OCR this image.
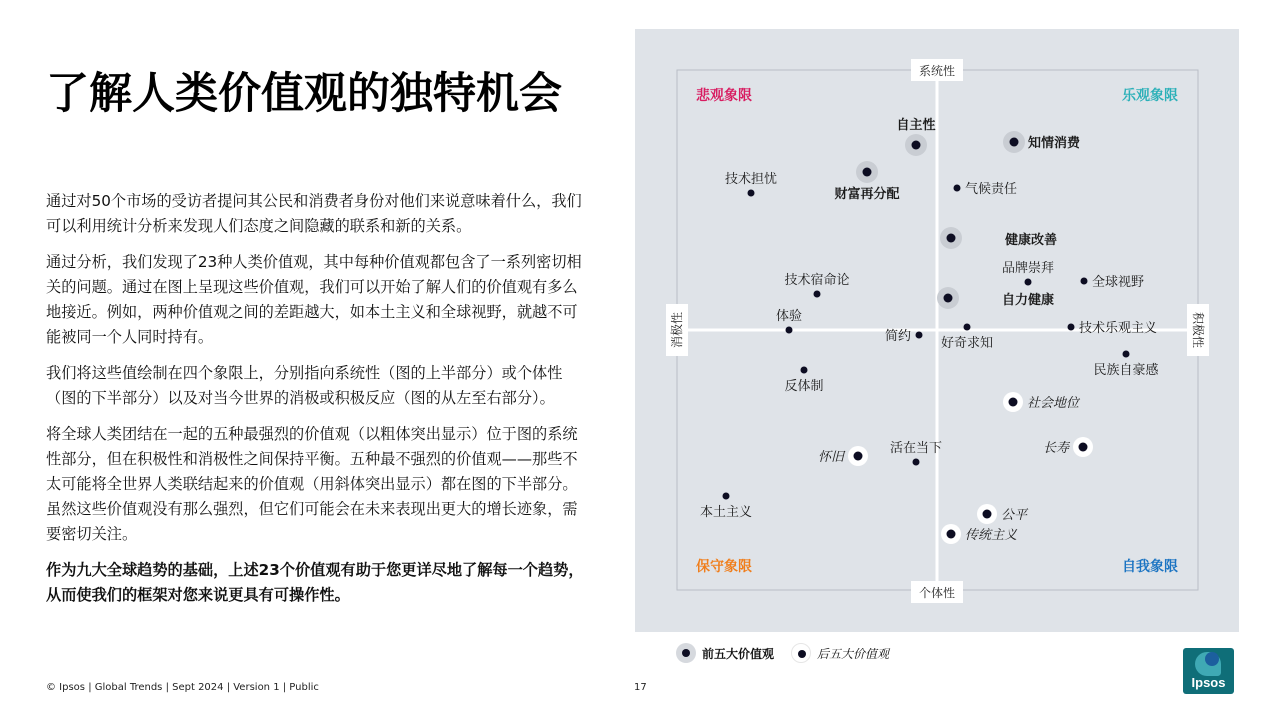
了解人类价值观的独特机会

通过对50个市场的受访者提问其公民和消费者身份对他们来说意味着什么，我们可以利用统计分析来发现人们态度之间隐藏的联系和新的关系。

通过分析，我们发现了23种人类价值观，其中每种价值观都包含了一系列密切相关的问题。通过在图上呈现这些价值观，我们可以开始了解人们的价值观有多么地接近。例如，两种价值观之间的差距越大，如本土主义和全球视野，就越不可能被同一个人同时持有。

我们将这些值绘制在四个象限上，分别指向系统性（图的上半部分）或个体性（图的下半部分）以及对当今世界的消极或积极反应（图的从左至右部分）。

将全球人类团结在一起的五种最强烈的价值观（以粗体突出显示）位于图的系统性部分，但在积极性和消极性之间保持平衡。五种最不强烈的价值观——那些不太可能将全世界人类联结起来的价值观（用斜体突出显示）都在图的下半部分。虽然这些价值观没有那么强烈，但它们可能会在未来表现出更大的增长迹象，需要密切关注。

作为九大全球趋势的基础，上述23个价值观有助于您更详尽地了解每一个趋势，从而使我们的框架对您来说更具有可操作性。

© Ipsos | Global Trends | Sept 2024 | Version 1 | Public	17
系统性
个体性
消极性	积极性
悲观象限	乐观象限
保守象限	自我象限
自主性
知情消费
财富再分配
健康改善
自力健康
社会地位
长寿
怀旧
公平
传统主义
技术担忧
气候责任
品牌崇拜
全球视野
技术宿命论
体验
简约 好奇求知
技术乐观主义
民族自豪感
反体制
活在当下
本土主义
前五大价值观	后五大价值观
Ipsos
